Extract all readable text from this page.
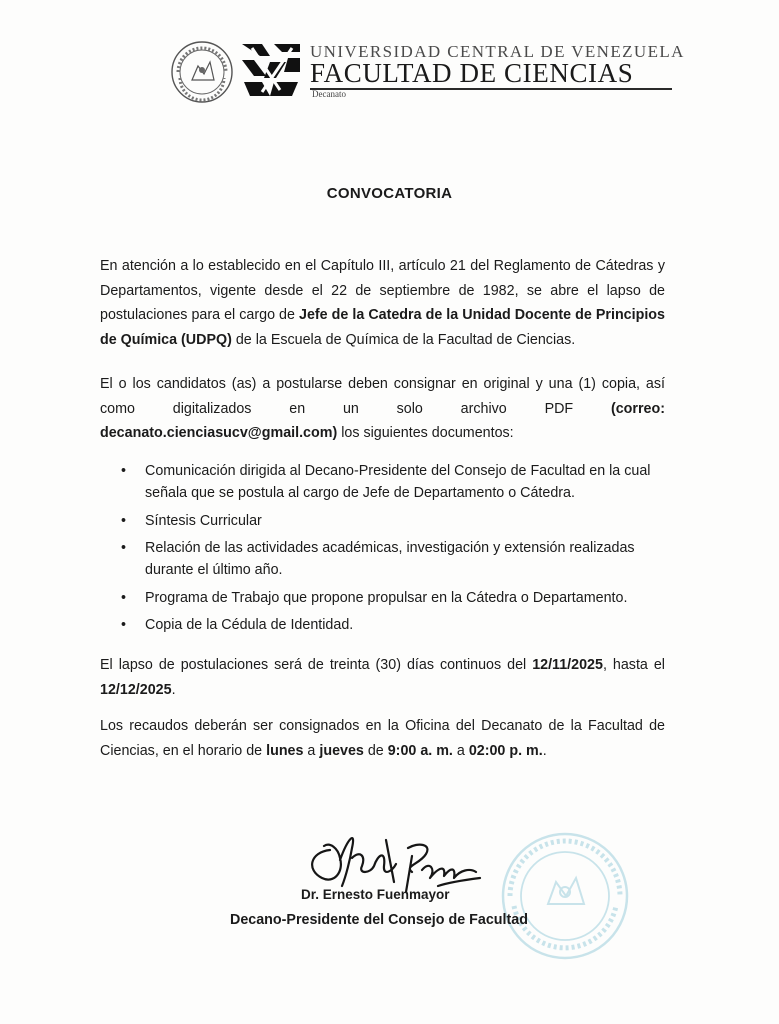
UNIVERSIDAD CENTRAL DE VENEZUELA
FACULTAD DE CIENCIAS
Decanato
CONVOCATORIA

En atención a lo establecido en el Capítulo III, artículo 21 del Reglamento de Cátedras y Departamentos, vigente desde el 22 de septiembre de 1982, se abre el lapso de postulaciones para el cargo de Jefe de la Catedra de la Unidad Docente de Principios de Química (UDPQ) de la Escuela de Química de la Facultad de Ciencias.

El o los candidatos (as) a postularse deben consignar en original y una (1) copia, así como digitalizados en un solo archivo PDF (correo: decanato.cienciasucv@gmail.com) los siguientes documentos:

• Comunicación dirigida al Decano-Presidente del Consejo de Facultad en la cual señala que se postula al cargo de Jefe de Departamento o Cátedra.
• Síntesis Curricular
• Relación de las actividades académicas, investigación y extensión realizadas durante el último año.
• Programa de Trabajo que propone propulsar en la Cátedra o Departamento.
• Copia de la Cédula de Identidad.

El lapso de postulaciones será de treinta (30) días continuos del 12/11/2025, hasta el 12/12/2025.

Los recaudos deberán ser consignados en la Oficina del Decanato de la Facultad de Ciencias, en el horario de lunes a jueves de 9:00 a. m. a 02:00 p. m..

Dr. Ernesto Fuenmayor
Decano-Presidente del Consejo de Facultad
